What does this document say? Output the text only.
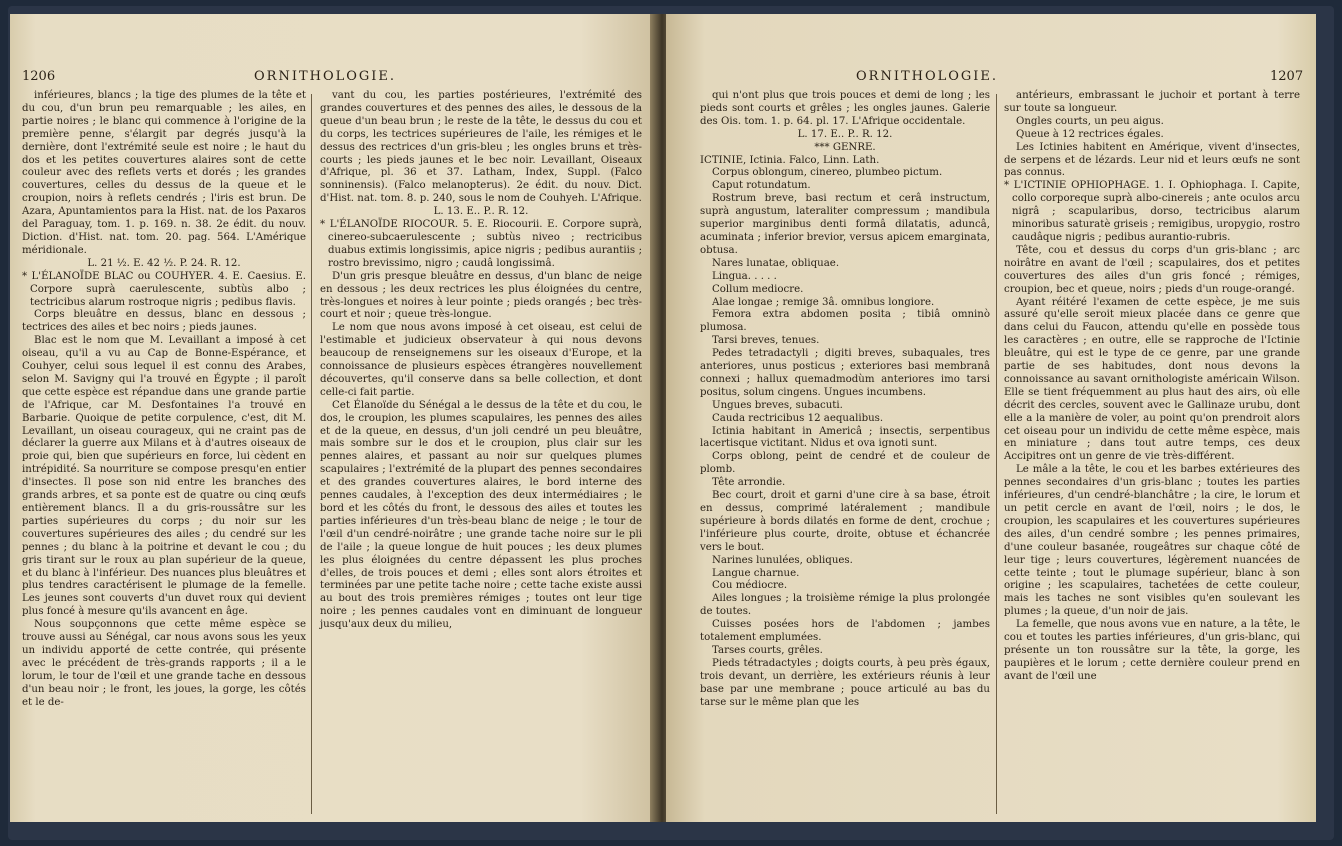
1206	ORNITHOLOGIE.

inférieures, blancs ; la tige des plumes de la tête et du cou, d'un brun peu remarquable ; les ailes, en partie noires ; le blanc qui commence à l'origine de la première penne, s'élargit par degrés jusqu'à la dernière, dont l'extrémité seule est noire ; le haut du dos et les petites couvertures alaires sont de cette couleur avec des reflets verts et dorés ; les grandes couvertures, celles du dessus de la queue et le croupion, noirs à reflets cendrés ; l'iris est brun. De Azara, Apuntamientos para la Hist. nat. de los Paxaros del Paraguay, tom. 1. p. 169. n. 38. 2e édit. du nouv. Diction. d'Hist. nat. tom. 20. pag. 564. L'Amérique méridionale.

L. 21 ½. E. 42 ½. P. 24. R. 12.

* L'ÉLANOÏDE BLAC ou COUHYER. 4. E. Caesius. E. Corpore suprà caerulescente, subtùs albo ; tectricibus alarum rostroque nigris ; pedibus flavis.

Corps bleuâtre en dessus, blanc en dessous ; tectrices des ailes et bec noirs ; pieds jaunes.

Blac est le nom que M. Levaillant a imposé à cet oiseau, qu'il a vu au Cap de Bonne-Espérance, et Couhyer, celui sous lequel il est connu des Arabes, selon M. Savigny qui l'a trouvé en Égypte ; il paroît que cette espèce est répandue dans une grande partie de l'Afrique, car M. Desfontaines l'a trouvé en Barbarie. Quoique de petite corpulence, c'est, dit M. Levaillant, un oiseau courageux, qui ne craint pas de déclarer la guerre aux Milans et à d'autres oiseaux de proie qui, bien que supérieurs en force, lui cèdent en intrépidité. Sa nourriture se compose presqu'en entier d'insectes. Il pose son nid entre les branches des grands arbres, et sa ponte est de quatre ou cinq œufs entièrement blancs. Il a du gris-roussâtre sur les parties supérieures du corps ; du noir sur les couvertures supérieures des ailes ; du cendré sur les pennes ; du blanc à la poitrine et devant le cou ; du gris tirant sur le roux au plan supérieur de la queue, et du blanc à l'inférieur. Des nuances plus bleuâtres et plus tendres caractérisent le plumage de la femelle. Les jeunes sont couverts d'un duvet roux qui devient plus foncé à mesure qu'ils avancent en âge.

Nous soupçonnons que cette même espèce se trouve aussi au Sénégal, car nous avons sous les yeux un individu apporté de cette contrée, qui présente avec le précédent de très-grands rapports ; il a le lorum, le tour de l'œil et une grande tache en dessous d'un beau noir ; le front, les joues, la gorge, les côtés et le de-

vant du cou, les parties postérieures, l'extrémité des grandes couvertures et des pennes des ailes, le dessous de la queue d'un beau brun ; le reste de la tête, le dessus du cou et du corps, les tectrices supérieures de l'aile, les rémiges et le dessus des rectrices d'un gris-bleu ; les ongles bruns et très-courts ; les pieds jaunes et le bec noir. Levaillant, Oiseaux d'Afrique, pl. 36 et 37. Latham, Index, Suppl. (Falco sonninensis). (Falco melanopterus). 2e édit. du nouv. Dict. d'Hist. nat. tom. 8. p. 240, sous le nom de Couhyeh. L'Afrique.

L. 13. E.. P.. R. 12.

* L'ÉLANOÏDE RIOCOUR. 5. E. Riocourii. E. Corpore suprà, cinereo-subcaerulescente ; subtùs niveo ; rectricibus duabus extimis longissimis, apice nigris ; pedibus aurantiis ; rostro brevissimo, nigro ; caudâ longissimâ.

D'un gris presque bleuâtre en dessus, d'un blanc de neige en dessous ; les deux rectrices les plus éloignées du centre, très-longues et noires à leur pointe ; pieds orangés ; bec très-court et noir ; queue très-longue.

Le nom que nous avons imposé à cet oiseau, est celui de l'estimable et judicieux observateur à qui nous devons beaucoup de renseignemens sur les oiseaux d'Europe, et la connoissance de plusieurs espèces étrangères nouvellement découvertes, qu'il conserve dans sa belle collection, et dont celle-ci fait partie.

Cet Élanoïde du Sénégal a le dessus de la tête et du cou, le dos, le croupion, les plumes scapulaires, les pennes des ailes et de la queue, en dessus, d'un joli cendré un peu bleuâtre, mais sombre sur le dos et le croupion, plus clair sur les pennes alaires, et passant au noir sur quelques plumes scapulaires ; l'extrémité de la plupart des pennes secondaires et des grandes couvertures alaires, le bord interne des pennes caudales, à l'exception des deux intermédiaires ; le bord et les côtés du front, le dessous des ailes et toutes les parties inférieures d'un très-beau blanc de neige ; le tour de l'œil d'un cendré-noirâtre ; une grande tache noire sur le pli de l'aile ; la queue longue de huit pouces ; les deux plumes les plus éloignées du centre dépassent les plus proches d'elles, de trois pouces et demi ; elles sont alors étroites et terminées par une petite tache noire ; cette tache existe aussi au bout des trois premières rémiges ; toutes ont leur tige noire ; les pennes caudales vont en diminuant de longueur jusqu'aux deux du milieu,

ORNITHOLOGIE.	1207

qui n'ont plus que trois pouces et demi de long ; les pieds sont courts et grêles ; les ongles jaunes. Galerie des Ois. tom. 1. p. 64. pl. 17. L'Afrique occidentale.

L. 17. E.. P.. R. 12.

*** GENRE.

ICTINIE, Ictinia. Falco, Linn. Lath.

Corpus oblongum, cinereo, plumbeo pictum.

Caput rotundatum.

Rostrum breve, basi rectum et cerâ instructum, suprà angustum, lateraliter compressum ; mandibula superior marginibus denti formâ dilatatis, aduncâ, acuminata ; inferior brevior, versus apicem emarginata, obtusa.

Nares lunatae, obliquae.

Lingua. . . . .

Collum mediocre.

Alae longae ; remige 3â. omnibus longiore.

Femora extra abdomen posita ; tibiâ omninò plumosa.

Tarsi breves, tenues.

Pedes tetradactyli ; digiti breves, subaquales, tres anteriores, unus posticus ; exteriores basi membranâ connexi ; hallux quemadmodùm anteriores imo tarsi positus, solum cingens. Ungues incumbens.

Ungues breves, subacuti.

Cauda rectricibus 12 aequalibus.

Ictinia habitant in Americâ ; insectis, serpentibus lacertisque victitant. Nidus et ova ignoti sunt.

Corps oblong, peint de cendré et de couleur de plomb.

Tête arrondie.

Bec court, droit et garni d'une cire à sa base, étroit en dessus, comprimé latéralement ; mandibule supérieure à bords dilatés en forme de dent, crochue ; l'inférieure plus courte, droite, obtuse et échancrée vers le bout.

Narines lunulées, obliques.

Langue charnue.

Cou médiocre.

Ailes longues ; la troisième rémige la plus prolongée de toutes.

Cuisses posées hors de l'abdomen ; jambes totalement emplumées.

Tarses courts, grêles.

Pieds tétradactyles ; doigts courts, à peu près égaux, trois devant, un derrière, les extérieurs réunis à leur base par une membrane ; pouce articulé au bas du tarse sur le même plan que les

antérieurs, embrassant le juchoir et portant à terre sur toute sa longueur.

Ongles courts, un peu aigus.

Queue à 12 rectrices égales.

Les Ictinies habitent en Amérique, vivent d'insectes, de serpens et de lézards. Leur nid et leurs œufs ne sont pas connus.

* L'ICTINIE OPHIOPHAGE. 1. I. Ophiophaga. I. Capite, collo corporeque suprà albo-cinereis ; ante oculos arcu nigrâ ; scapularibus, dorso, tectricibus alarum minoribus saturatè griseis ; remigibus, uropygio, rostro caudâque nigris ; pedibus aurantio-rubris.

Tête, cou et dessus du corps d'un gris-blanc ; arc noirâtre en avant de l'œil ; scapulaires, dos et petites couvertures des ailes d'un gris foncé ; rémiges, croupion, bec et queue, noirs ; pieds d'un rouge-orangé.

Ayant réitéré l'examen de cette espèce, je me suis assuré qu'elle seroit mieux placée dans ce genre que dans celui du Faucon, attendu qu'elle en possède tous les caractères ; en outre, elle se rapproche de l'Ictinie bleuâtre, qui est le type de ce genre, par une grande partie de ses habitudes, dont nous devons la connoissance au savant ornithologiste américain Wilson. Elle se tient fréquemment au plus haut des airs, où elle décrit des cercles, souvent avec le Gallinaze urubu, dont elle a la manière de voler, au point qu'on prendroit alors cet oiseau pour un individu de cette même espèce, mais en miniature ; dans tout autre temps, ces deux Accipitres ont un genre de vie très-différent.

Le mâle a la tête, le cou et les barbes extérieures des pennes secondaires d'un gris-blanc ; toutes les parties inférieures, d'un cendré-blanchâtre ; la cire, le lorum et un petit cercle en avant de l'œil, noirs ; le dos, le croupion, les scapulaires et les couvertures supérieures des ailes, d'un cendré sombre ; les pennes primaires, d'une couleur basanée, rougeâtres sur chaque côté de leur tige ; leurs couvertures, légèrement nuancées de cette teinte ; tout le plumage supérieur, blanc à son origine ; les scapulaires, tachetées de cette couleur, mais les taches ne sont visibles qu'en soulevant les plumes ; la queue, d'un noir de jais.

La femelle, que nous avons vue en nature, a la tête, le cou et toutes les parties inférieures, d'un gris-blanc, qui présente un ton roussâtre sur la tête, la gorge, les paupières et le lorum ; cette dernière couleur prend en avant de l'œil une
